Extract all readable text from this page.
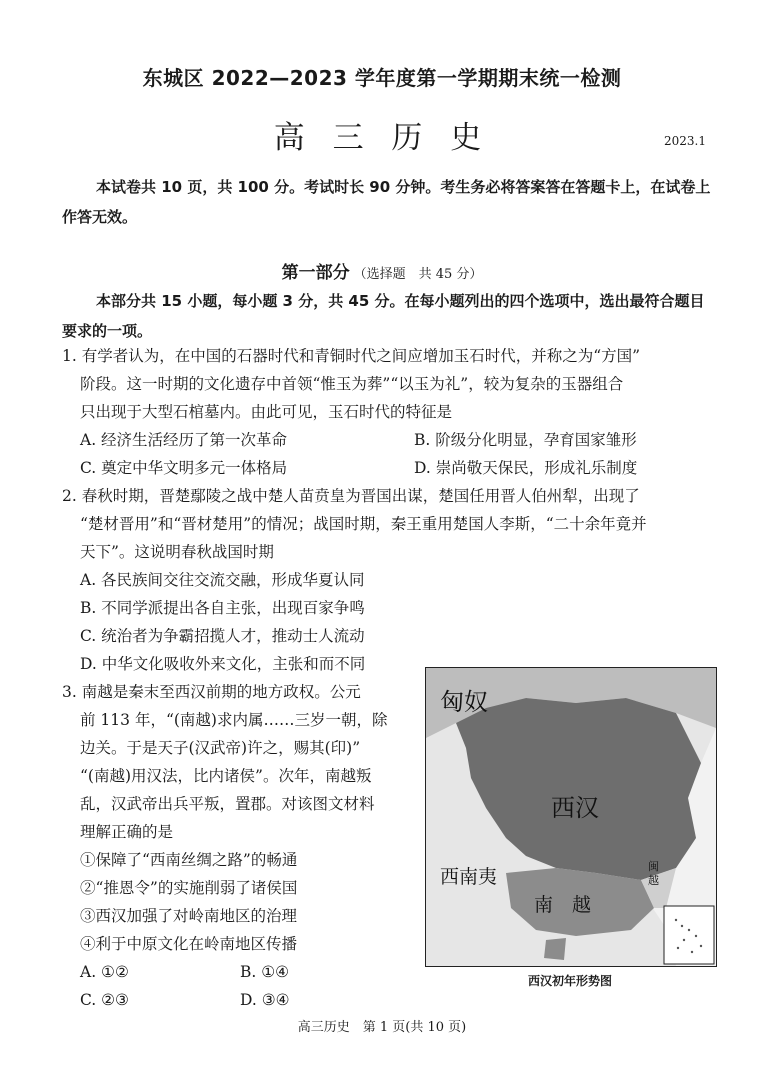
东城区 2022—2023 学年度第一学期期末统一检测
高 三 历 史	2023.1
本试卷共 10 页，共 100 分。考试时长 90 分钟。考生务必将答案答在答题卡上，在试卷上作答无效。
第一部分 （选择题　共 45 分）
本部分共 15 小题，每小题 3 分，共 45 分。在每小题列出的四个选项中，选出最符合题目要求的一项。
1. 有学者认为，在中国的石器时代和青铜时代之间应增加玉石时代，并称之为“方国”
阶段。这一时期的文化遗存中首领“惟玉为葬”“以玉为礼”，较为复杂的玉器组合
只出现于大型石棺墓内。由此可见，玉石时代的特征是
A. 经济生活经历了第一次革命	B. 阶级分化明显，孕育国家雏形
C. 奠定中华文明多元一体格局	D. 崇尚敬天保民，形成礼乐制度
2. 春秋时期，晋楚鄢陵之战中楚人苗贲皇为晋国出谋，楚国任用晋人伯州犁，出现了
“楚材晋用”和“晋材楚用”的情况；战国时期，秦王重用楚国人李斯，“二十余年竟并
天下”。这说明春秋战国时期
A. 各民族间交往交流交融，形成华夏认同
B. 不同学派提出各自主张，出现百家争鸣
C. 统治者为争霸招揽人才，推动士人流动
D. 中华文化吸收外来文化，主张和而不同
3. 南越是秦末至西汉前期的地方政权。公元
前 113 年，“(南越)求内属……三岁一朝，除
边关。于是天子(汉武帝)许之，赐其(印)”
“(南越)用汉法，比内诸侯”。次年，南越叛
乱，汉武帝出兵平叛，置郡。对该图文材料
理解正确的是
①保障了“西南丝绸之路”的畅通
②“推恩令”的实施削弱了诸侯国
③西汉加强了对岭南地区的治理
④利于中原文化在岭南地区传播
A. ①②	B. ①④
C. ②③	D. ③④
匈奴
西汉
西南夷
南　越
闽越
西汉初年形势图
高三历史　第 1 页(共 10 页)
